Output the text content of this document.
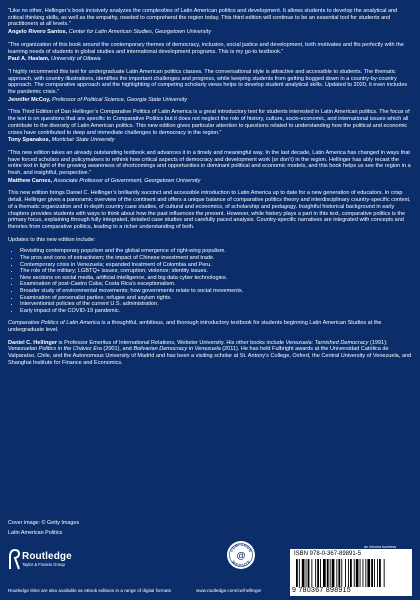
“Like no other, Hellinger’s book incisively analyzes the complexities of Latin American politics and development. It allows students to develop the analytical and critical thinking skills, as well as the empathy, needed to comprehend the region today. This third edition will continue to be an essential tool for students and practitioners at all levels.”

Angelo Rivero Santos, Center for Latin American Studies, Georgetown University

“The organization of this book around the contemporary themes of democracy, inclusion, social justice and development, both motivates and fits perfectly with the learning needs of students in global studies and international development programs. This is my go-to textbook.”

Paul A. Haslam, University of Ottawa

“I highly recommend this text for undergraduate Latin American politics classes. The conversational style is attractive and accessible to students. The thematic approach, with country illustrations, identifies the important challenges and progress, while keeping students from getting bogged down in a country-by-country approach. The comparative approach and the highlighting of competing scholarly views helps to develop student analytical skills. Updated to 2020, it even includes the pandemic crisis.”

Jennifer McCoy, Professor of Political Science, Georgia State University

“This Third Edition of Dan Hellinger’s Comparative Politics of Latin America is a great introductory text for students interested in Latin American politics. The focus of the text is on questions that are specific to Comparative Politics but it does not neglect the role of history, culture, socio-economic, and international issues which all contribute to the diversity of Latin American politics. This new edition gives particular attention to questions related to understanding how the political and economic crises have contributed to deep and immediate challenges to democracy in the region.”

Tony Spanakos, Montclair State University

“This new edition takes an already outstanding textbook and advances it in a timely and meaningful way. In the last decade, Latin America has changed in ways that have forced scholars and policymakers to rethink how critical aspects of democracy and development work (or don’t) in the region. Hellinger has ably recast the entire text in light of the growing awareness of shortcomings and opportunities in dominant political and economic models, and this book helps us see the region in a fresh, and insightful, perspective.”

Matthew Carnes, Associate Professor of Government, Georgetown University

This new edition brings Daniel C. Hellinger’s brilliantly succinct and accessible introduction to Latin America up to date for a new generation of educators. In crisp detail, Hellinger gives a panoramic overview of the continent and offers a unique balance of comparative politics theory and interdisciplinary country-specific context, of a thematic organization and in-depth country case studies, of cultural and economics, of scholarship and pedagogy. Insightful historical background in early chapters provides students with ways to think about how the past influences the present. However, while history plays a part in this text, comparative politics is the primary focus, explaining through fully integrated, detailed case studies and carefully paced analysis. Country-specific narratives are integrated with concepts and theories from comparative politics, leading to a richer understanding of both.

Updates to this new edition include:

• Revisiting contemporary populism and the global emergence of right-wing populism.
• The pros and cons of extractivism; the impact of Chinese investment and trade.
• Contemporary crisis in Venezuela; expanded treatment of Colombia and Peru.
• The role of the military; LGBTQ+ issues; corruption; violence; identity issues.
• New sections on social media, artificial intelligence, and big data cyber technologies.
• Examination of post-Castro Cuba; Costa Rica’s exceptionalism.
• Broader study of environmental movements; how governments relate to social movements.
• Examination of personalist parties; refugee and asylum rights.
• Interventionist policies of the current U.S. administration.
• Early impact of the COVID-19 pandemic.

Comparative Politics of Latin America is a thoughtful, ambitious, and thorough introductory textbook for students beginning Latin American Studies at the undergraduate level.

Daniel C. Hellinger is Professor Emeritus of International Relations, Webster University. His other books include Venezuela: Tarnished Democracy (1991); Venezuelan Politics in the Chávez Era (2001), and Bolivarian Democracy in Venezuela (2011). He has held Fulbright awards at the Universidad Católica de Valparaíso, Chile, and the Autonomous University of Madrid and has been a visiting scholar at St. Antony’s College, Oxford, the Central University of Venezuela, and Shanghai Institute for Finance and Economics.

Cover image: © Getty Images
Latin American Politics
Routledge
Taylor & Francis Group
COMPANION
WEBSITE
@
an informa business
ISBN 978-0-367-89891-5
9 780367 898915
Routledge titles are also available as eBook editions in a range of digital formats	www.routledge.com/cw/hellinger
